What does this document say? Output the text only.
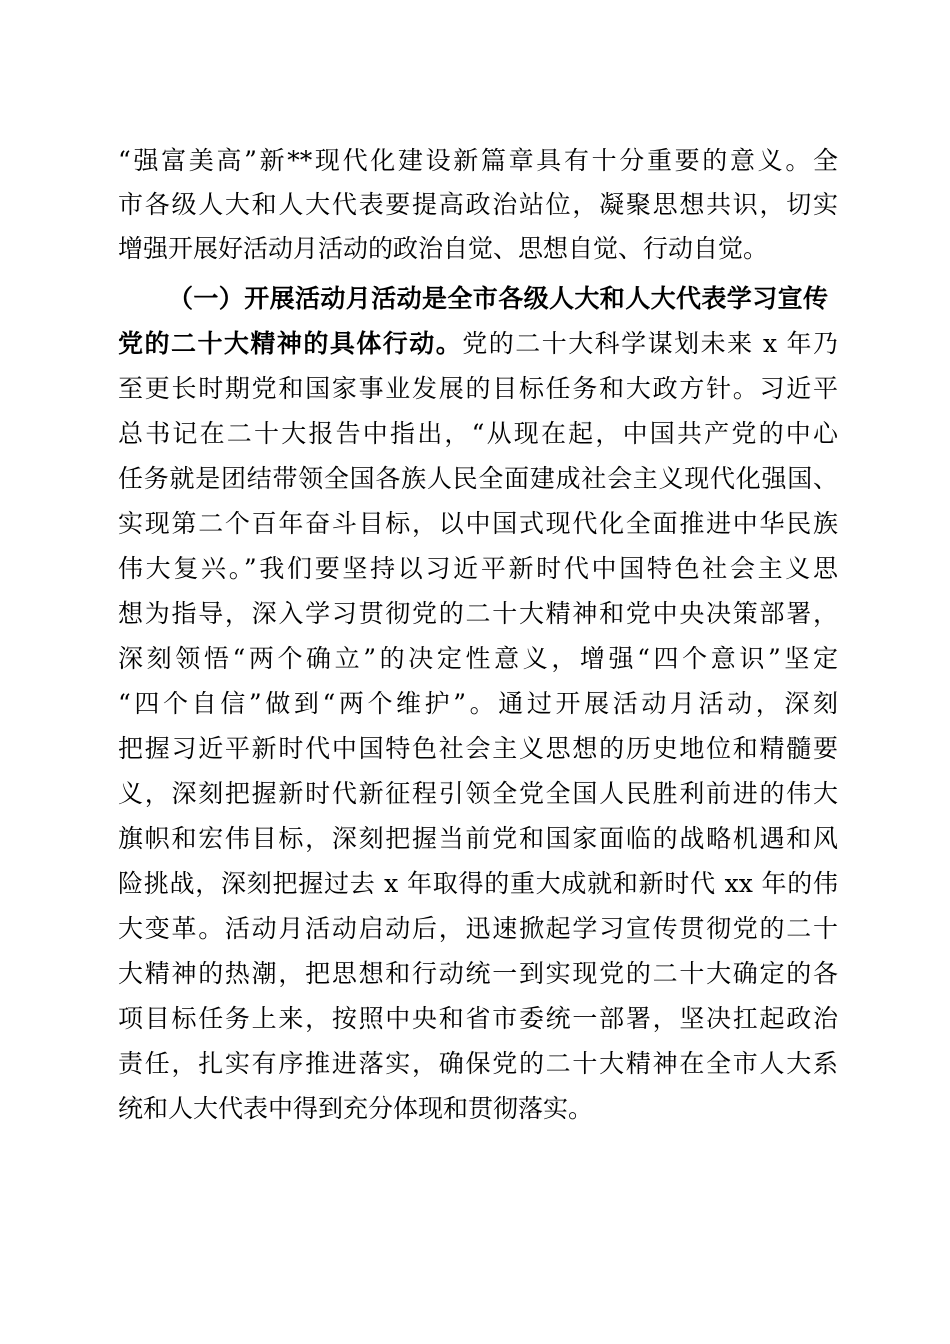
“强富美高”新**现代化建设新篇章具有十分重要的意义。全
市各级人大和人大代表要提高政治站位，凝聚思想共识，切实
增强开展好活动月活动的政治自觉、思想自觉、行动自觉。
（一）开展活动月活动是全市各级人大和人大代表学习宣传
党的二十大精神的具体行动。党的二十大科学谋划未来 x 年乃
至更长时期党和国家事业发展的目标任务和大政方针。习近平
总书记在二十大报告中指出，“从现在起，中国共产党的中心
任务就是团结带领全国各族人民全面建成社会主义现代化强国、
实现第二个百年奋斗目标，以中国式现代化全面推进中华民族
伟大复兴。”我们要坚持以习近平新时代中国特色社会主义思
想为指导，深入学习贯彻党的二十大精神和党中央决策部署，
深刻领悟“两个确立”的决定性意义，增强“四个意识”坚定
“四个自信”做到“两个维护”。通过开展活动月活动，深刻
把握习近平新时代中国特色社会主义思想的历史地位和精髓要
义，深刻把握新时代新征程引领全党全国人民胜利前进的伟大
旗帜和宏伟目标，深刻把握当前党和国家面临的战略机遇和风
险挑战，深刻把握过去 x 年取得的重大成就和新时代 xx 年的伟
大变革。活动月活动启动后，迅速掀起学习宣传贯彻党的二十
大精神的热潮，把思想和行动统一到实现党的二十大确定的各
项目标任务上来，按照中央和省市委统一部署，坚决扛起政治
责任，扎实有序推进落实，确保党的二十大精神在全市人大系
统和人大代表中得到充分体现和贯彻落实。
